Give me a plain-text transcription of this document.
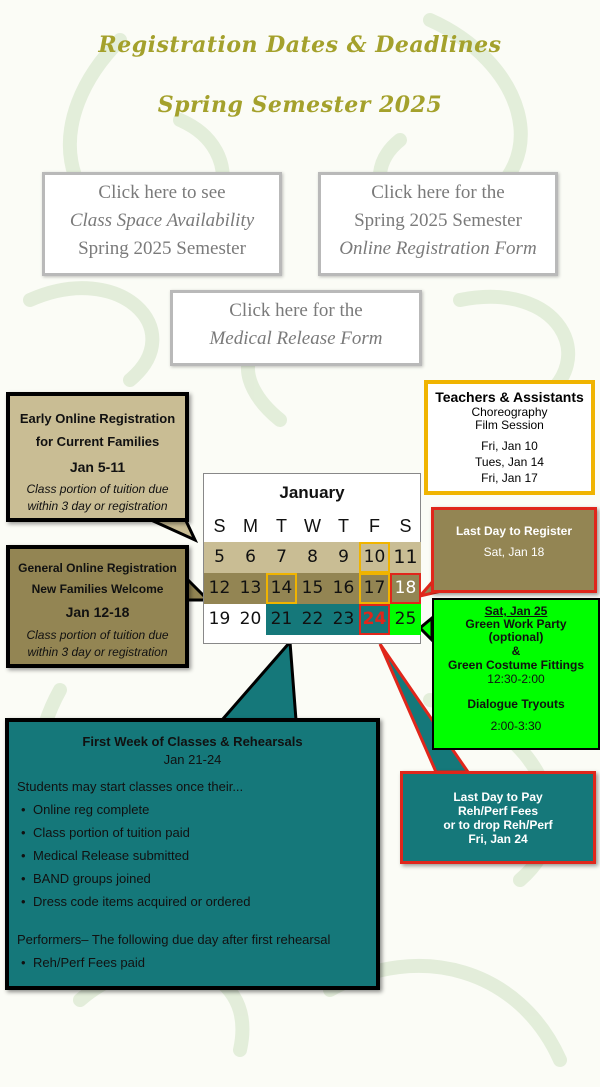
Registration Dates & Deadlines
Spring Semester 2025
Click here to see
Class Space Availability
Spring 2025 Semester
Click here for the
Spring 2025 Semester
Online Registration Form
Click here for the
Medical Release Form
Early Online Registration
for Current Families
Jan 5-11
Class portion of tuition due
within 3 day or registration
General Online Registration
New Families Welcome
Jan 12-18
Class portion of tuition due
within 3 day or registration
Teachers & Assistants
Choreography
Film Session
Fri, Jan 10
Tues, Jan 14
Fri, Jan 17
Last Day to Register
Sat, Jan 18
Sat, Jan 25
Green Work Party
(optional)
&
Green Costume Fittings
12:30-2:00
Dialogue Tryouts
2:00-3:30
Last Day to Pay
Reh/Perf Fees
or to drop Reh/Perf
Fri, Jan 24
First Week of Classes & Rehearsals
Jan 21-24
Students may start classes once their...
• Online reg complete
• Class portion of tuition paid
• Medical Release submitted
• BAND groups joined
• Dress code items acquired or ordered
Performers– The following due day after first rehearsal
• Reh/Perf Fees paid
January
S M	T W T	F	S
5	6	7	8	9 10 11
12 13 14 15 16 17 18
19 20 21 22 23 24 25
